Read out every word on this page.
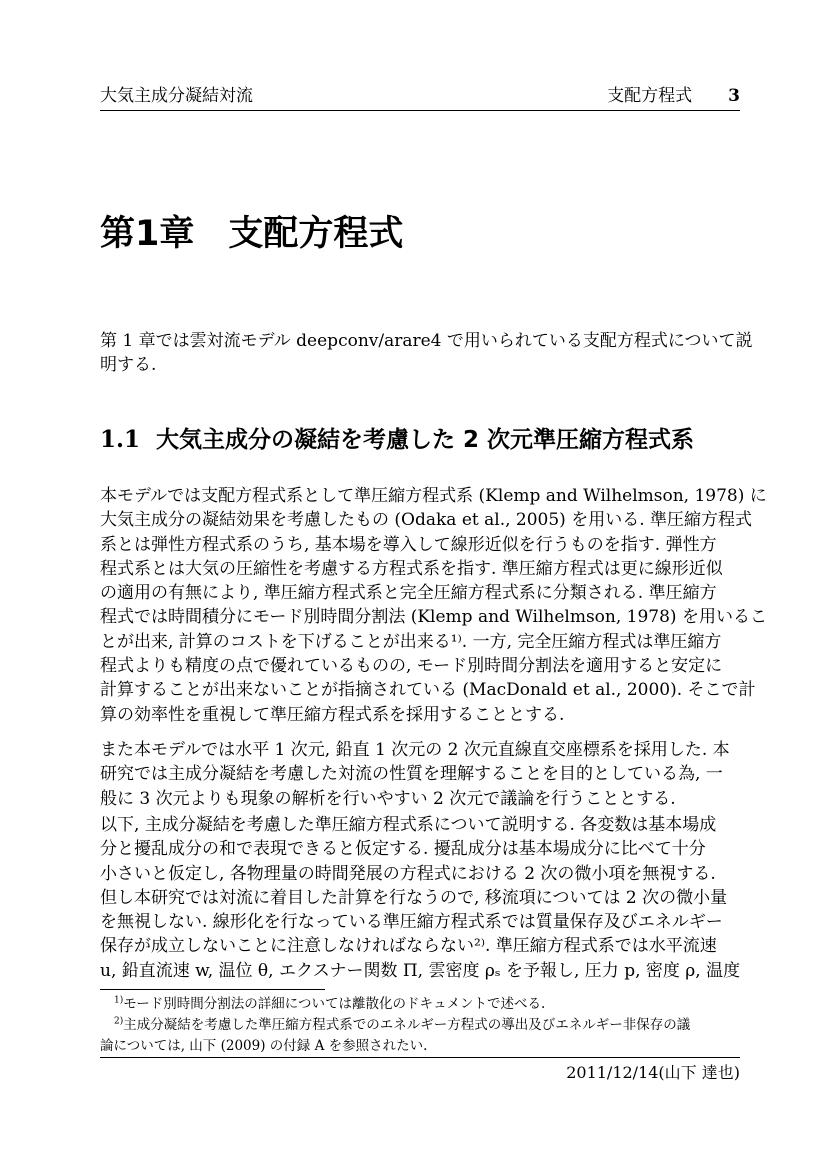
大気主成分凝結対流	支配方程式 3
第1章 支配方程式
第 1 章では雲対流モデル deepconv/arare4 で用いられている支配方程式について説
明する.
1.1 大気主成分の凝結を考慮した 2 次元準圧縮方程式系
本モデルでは支配方程式系として準圧縮方程式系 (Klemp and Wilhelmson, 1978) に
大気主成分の凝結効果を考慮したもの (Odaka et al., 2005) を用いる. 準圧縮方程式
系とは弾性方程式系のうち, 基本場を導入して線形近似を行うものを指す. 弾性方
程式系とは大気の圧縮性を考慮する方程式系を指す. 準圧縮方程式は更に線形近似
の適用の有無により, 準圧縮方程式系と完全圧縮方程式系に分類される. 準圧縮方
程式では時間積分にモード別時間分割法 (Klemp and Wilhelmson, 1978) を用いるこ
とが出来, 計算のコストを下げることが出来る¹⁾. 一方, 完全圧縮方程式は準圧縮方
程式よりも精度の点で優れているものの, モード別時間分割法を適用すると安定に
計算することが出来ないことが指摘されている (MacDonald et al., 2000). そこで計
算の効率性を重視して準圧縮方程式系を採用することとする.
また本モデルでは水平 1 次元, 鉛直 1 次元の 2 次元直線直交座標系を採用した. 本
研究では主成分凝結を考慮した対流の性質を理解することを目的としている為, 一
般に 3 次元よりも現象の解析を行いやすい 2 次元で議論を行うこととする.
以下, 主成分凝結を考慮した準圧縮方程式系について説明する. 各変数は基本場成
分と擾乱成分の和で表現できると仮定する. 擾乱成分は基本場成分に比べて十分
小さいと仮定し, 各物理量の時間発展の方程式における 2 次の微小項を無視する.
但し本研究では対流に着目した計算を行なうので, 移流項については 2 次の微小量
を無視しない. 線形化を行なっている準圧縮方程式系では質量保存及びエネルギー
保存が成立しないことに注意しなければならない²⁾. 準圧縮方程式系では水平流速
u, 鉛直流速 w, 温位 θ, エクスナー関数 Π, 雲密度 ρₛ を予報し, 圧力 p, 密度 ρ, 温度
$^{1)}$モード別時間分割法の詳細については離散化のドキュメントで述べる.
$^{2)}$主成分凝結を考慮した準圧縮方程式系でのエネルギー方程式の導出及びエネルギー非保存の議
論については, 山下 (2009) の付録 A を参照されたい.
2011/12/14(山下 達也)
